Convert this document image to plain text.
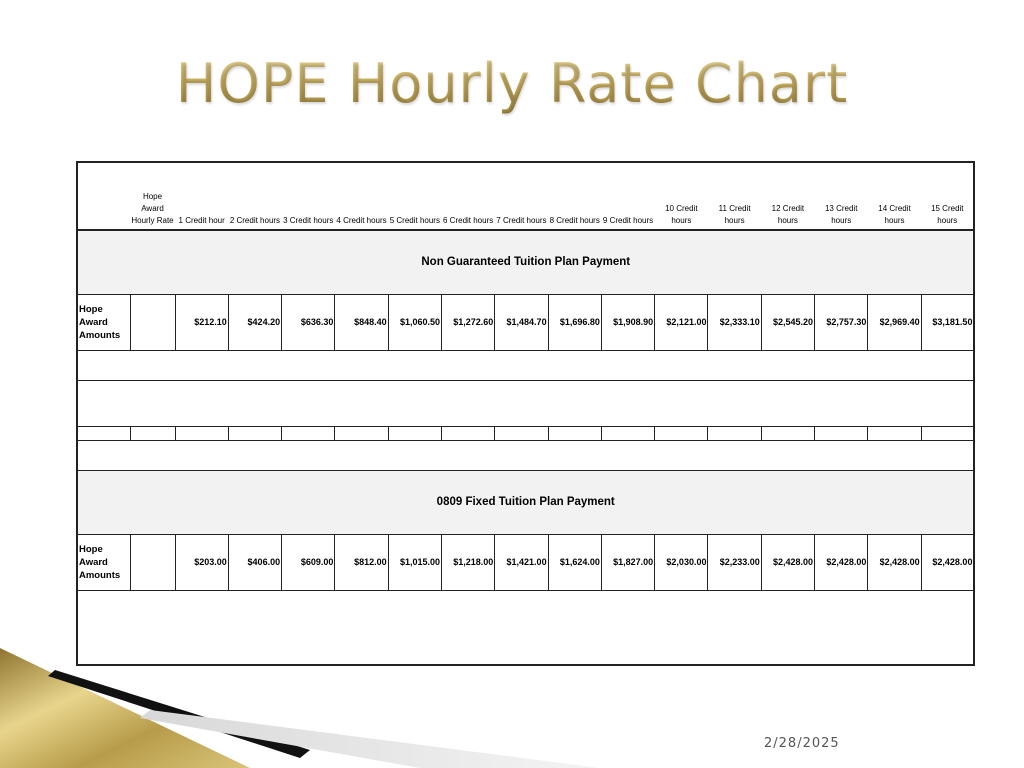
HOPE Hourly Rate Chart
	Hope Award Hourly Rate	1 Credit hour	2 Credit hours	3 Credit hours	4 Credit hours	5 Credit hours	6 Credit hours	7 Credit hours	8 Credit hours	9 Credit hours	10 Credit hours	11 Credit hours	12 Credit hours	13 Credit hours	14 Credit hours	15 Credit hours
Non Guaranteed Tuition Plan Payment																
Hope Award Amounts		$212.10	$424.20	$636.30	$848.40	$1,060.50	$1,272.60	$1,484.70	$1,696.80	$1,908.90	$2,121.00	$2,333.10	$2,545.20	$2,757.30	$2,969.40	$3,181.50

0809 Fixed Tuition Plan Payment																
Hope Award Amounts		$203.00	$406.00	$609.00	$812.00	$1,015.00	$1,218.00	$1,421.00	$1,624.00	$1,827.00	$2,030.00	$2,233.00	$2,428.00	$2,428.00	$2,428.00	$2,428.00

2/28/2025
